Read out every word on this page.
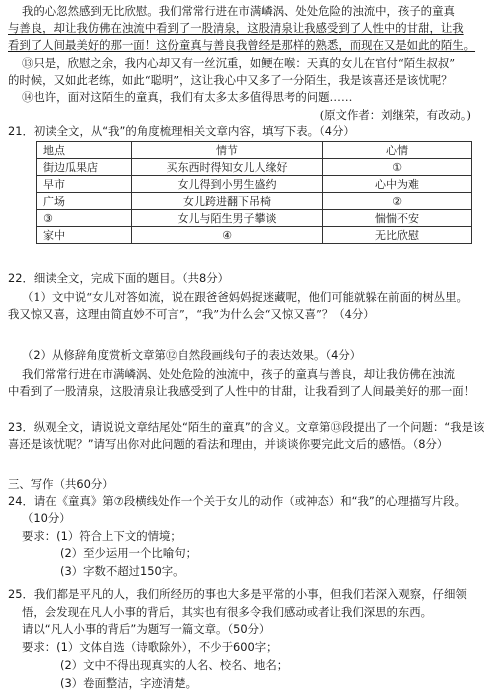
我的心忽然感到无比欣慰。我们常常行进在市满嶙涡、处处危险的浊流中，孩子的童真
与善良，却让我仿佛在浊流中看到了一股清泉，这股清泉让我感受到了人性中的甘甜，让我
看到了人间最美好的那一面！这份童真与善良我曾经是那样的熟悉，而现在又是如此的陌生。
⑬只是，欣慰之余，我内心却又有一丝沉重，如鲠在喉：天真的女儿在官付“陌生叔叔”
的时候，又如此老练，如此“聪明”，这让我心中又多了一分陌生，我是该喜还是该忧呢？
⑭也许，面对这陌生的童真，我们有太多太多值得思考的问题……
(原文作者：刘继荣，有改动。)
21．初读全文，从“我”的角度梳理相关文章内容，填写下表。（4分）
地点	情节	心情
街边瓜果店	买东西时得知女儿人缘好	①
早市	女儿得到小男生盛约	心中为难
广场	女儿跨进翻下吊椅	②
③	女儿与陌生男子攀谈	惴惴不安
家中	④	无比欣慰
22．细读全文，完成下面的题目。（共8分）
（1）文中说“女儿对答如流，说在跟爸爸妈妈捉迷藏呢，他们可能就躲在前面的树丛里。
我又惊又喜，这理由简直妙不可言”，“我”为什么会“又惊又喜”？（4分）
（2）从修辞角度赏析文章第⑫自然段画线句子的表达效果。（4分）
我们常常行进在市满嶙涡、处处危险的浊流中，孩子的童真与善良，却让我仿佛在浊流
中看到了一股清泉，这股清泉让我感受到了人性中的甘甜，让我看到了人间最美好的那一面！
23．纵观全文，请说说文章结尾处“陌生的童真”的含义。文章第⑬段提出了一个问题：“我是该
喜还是该忧呢？”请写出你对此问题的看法和理由，并谈谈你要完此文后的感悟。（8分）
三、写作（共60分）
24．请在《童真》第⑦段横线处作一个关于女儿的动作（或神态）和“我”的心理描写片段。
（10分）
要求：(1）符合上下文的情境；
(2）至少运用一个比喻句；
(3）字数不超过150字。
25．我们都是平凡的人，我们所经历的事也大多是平常的小事，但我们若深入观察，仔细领
悟，会发现在凡人小事的背后，其实也有很多令我们感动或者让我们深思的东西。
请以“凡人小事的背后”为题写一篇文章。（50分）
要求：(1）文体自选（诗歌除外），不少于600字；
(2）文中不得出现真实的人名、校名、地名；
(3）卷面整洁，字迹清楚。
